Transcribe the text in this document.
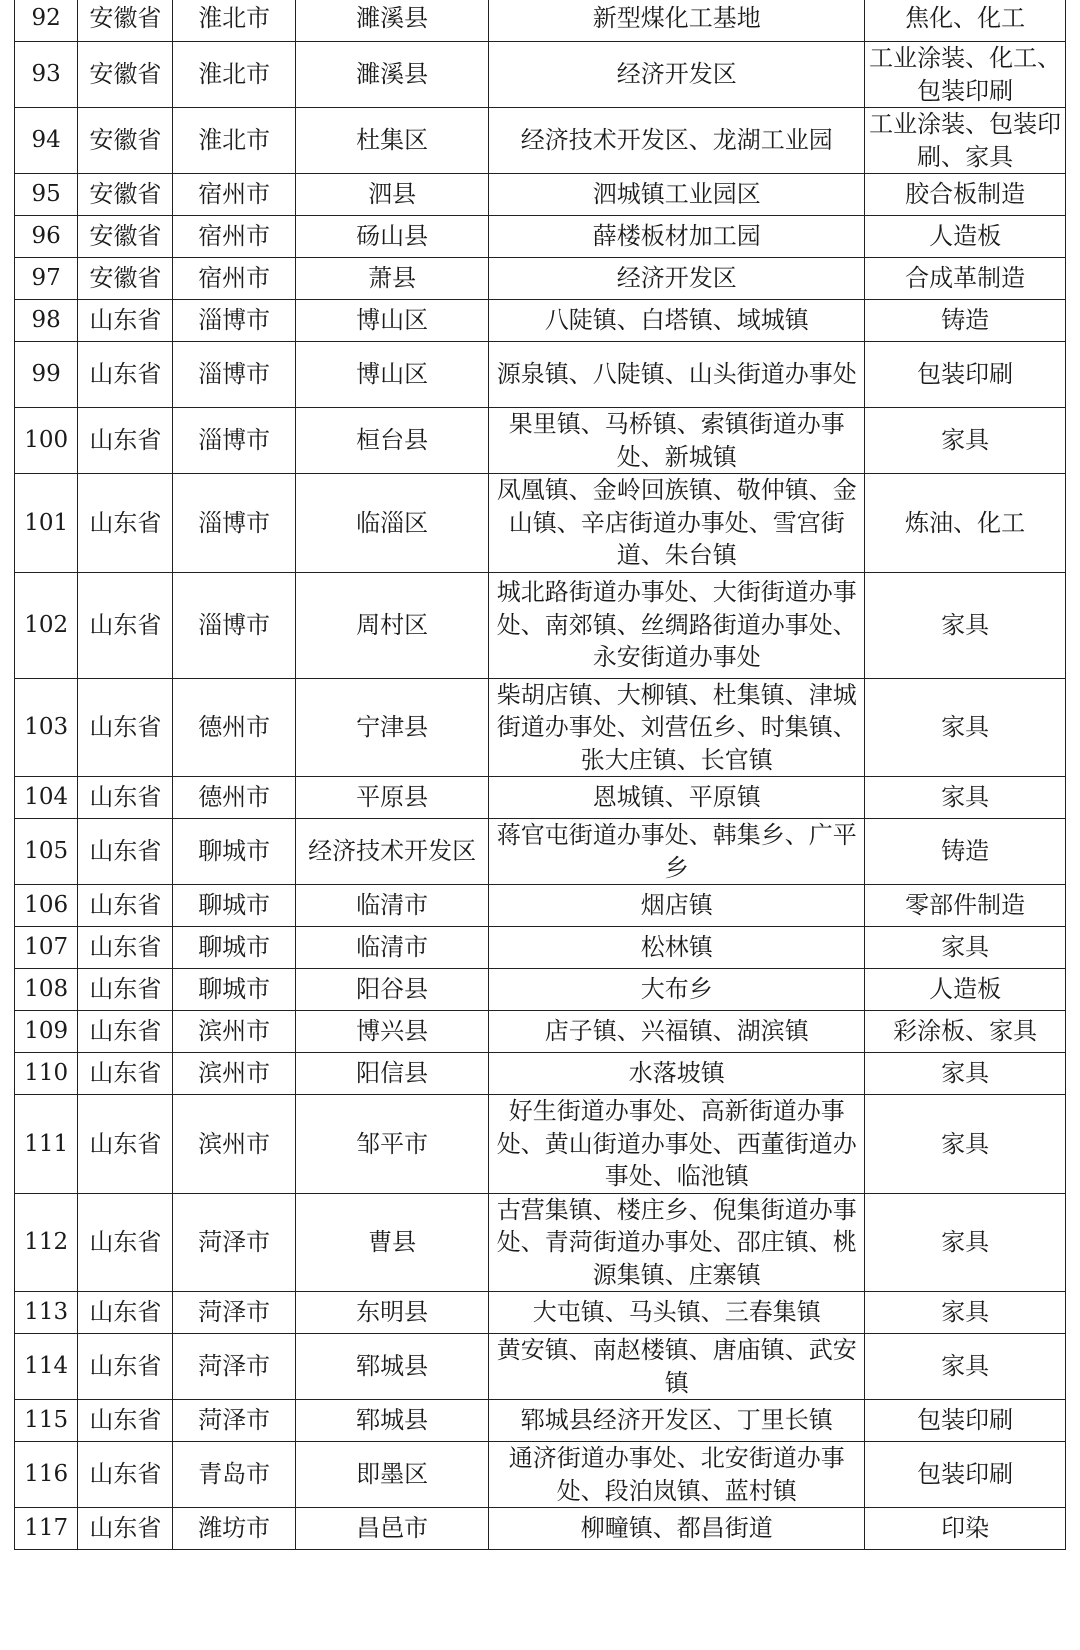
92	安徽省	淮北市	濉溪县	新型煤化工基地	焦化、化工
93	安徽省	淮北市	濉溪县	经济开发区	工业涂装、化工、包装印刷
94	安徽省	淮北市	杜集区	经济技术开发区、龙湖工业园	工业涂装、包装印刷、家具
95	安徽省	宿州市	泗县	泗城镇工业园区	胶合板制造
96	安徽省	宿州市	砀山县	薛楼板材加工园	人造板
97	安徽省	宿州市	萧县	经济开发区	合成革制造
98	山东省	淄博市	博山区	八陡镇、白塔镇、域城镇	铸造
99	山东省	淄博市	博山区	源泉镇、八陡镇、山头街道办事处	包装印刷
100	山东省	淄博市	桓台县	果里镇、马桥镇、索镇街道办事处、新城镇	家具
101	山东省	淄博市	临淄区	凤凰镇、金岭回族镇、敬仲镇、金山镇、辛店街道办事处、雪宫街道、朱台镇	炼油、化工
102	山东省	淄博市	周村区	城北路街道办事处、大街街道办事处、南郊镇、丝绸路街道办事处、永安街道办事处	家具
103	山东省	德州市	宁津县	柴胡店镇、大柳镇、杜集镇、津城街道办事处、刘营伍乡、时集镇、张大庄镇、长官镇	家具
104	山东省	德州市	平原县	恩城镇、平原镇	家具
105	山东省	聊城市	经济技术开发区	蒋官屯街道办事处、韩集乡、广平乡	铸造
106	山东省	聊城市	临清市	烟店镇	零部件制造
107	山东省	聊城市	临清市	松林镇	家具
108	山东省	聊城市	阳谷县	大布乡	人造板
109	山东省	滨州市	博兴县	店子镇、兴福镇、湖滨镇	彩涂板、家具
110	山东省	滨州市	阳信县	水落坡镇	家具
111	山东省	滨州市	邹平市	好生街道办事处、高新街道办事处、黄山街道办事处、西董街道办事处、临池镇	家具
112	山东省	菏泽市	曹县	古营集镇、楼庄乡、倪集街道办事处、青菏街道办事处、邵庄镇、桃源集镇、庄寨镇	家具
113	山东省	菏泽市	东明县	大屯镇、马头镇、三春集镇	家具
114	山东省	菏泽市	郓城县	黄安镇、南赵楼镇、唐庙镇、武安镇	家具
115	山东省	菏泽市	郓城县	郓城县经济开发区、丁里长镇	包装印刷
116	山东省	青岛市	即墨区	通济街道办事处、北安街道办事处、段泊岚镇、蓝村镇	包装印刷
117	山东省	潍坊市	昌邑市	柳疃镇、都昌街道	印染
